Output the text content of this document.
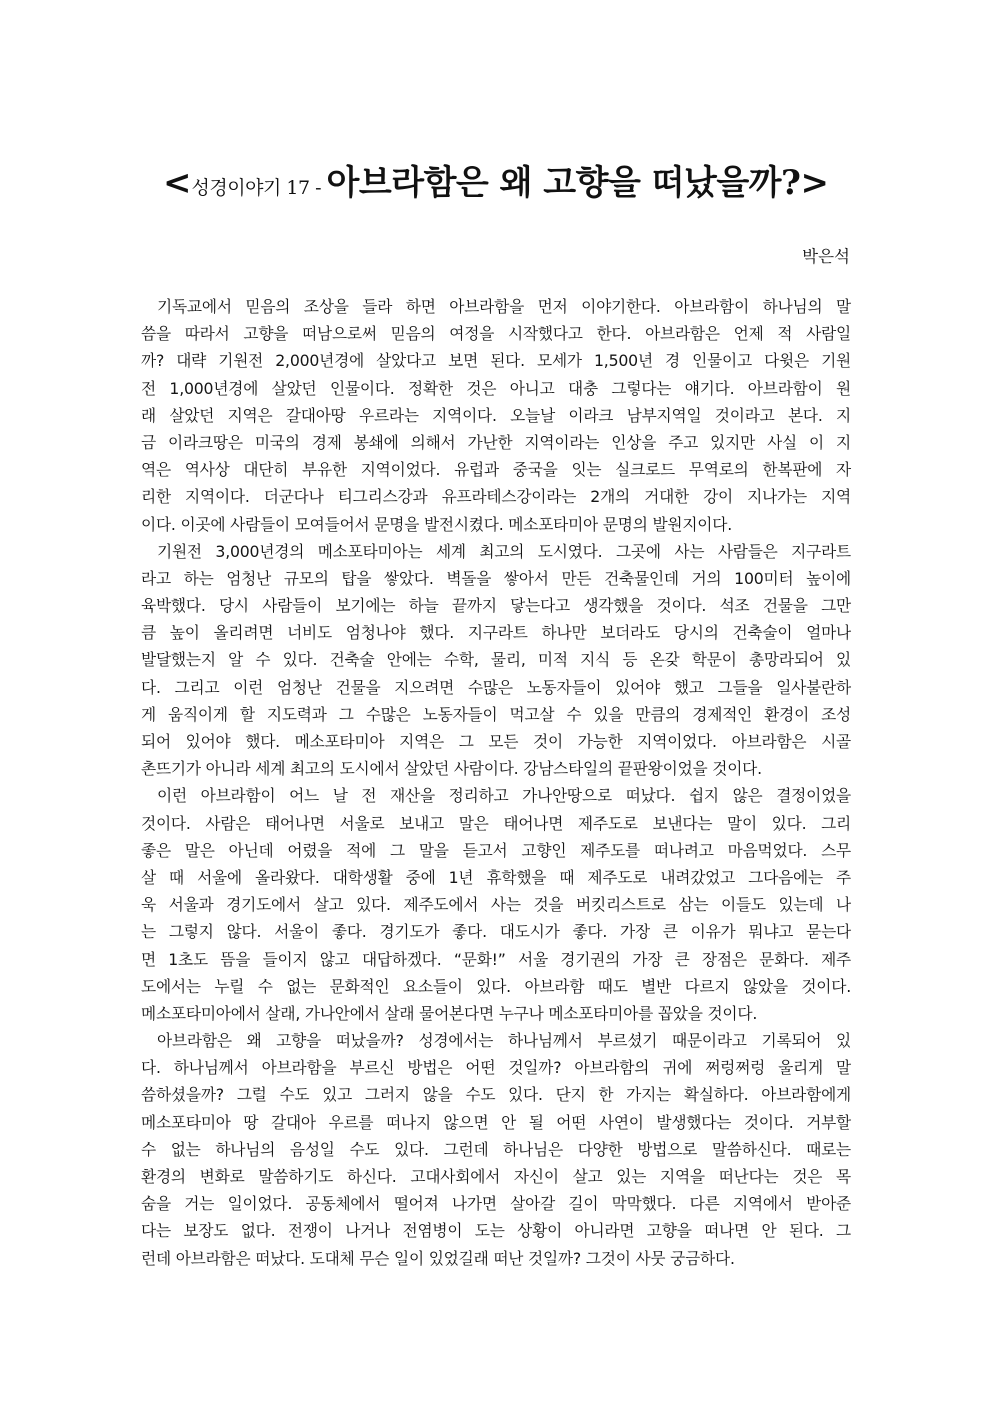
<성경이야기 17 - 아브라함은 왜 고향을 떠났을까?>
박은석
기독교에서 믿음의 조상을 들라 하면 아브라함을 먼저 이야기한다. 아브라함이 하나님의 말
씀을 따라서 고향을 떠남으로써 믿음의 여정을 시작했다고 한다. 아브라함은 언제 적 사람일
까? 대략 기원전 2,000년경에 살았다고 보면 된다. 모세가 1,500년 경 인물이고 다윗은 기원
전 1,000년경에 살았던 인물이다. 정확한 것은 아니고 대충 그렇다는 얘기다. 아브라함이 원
래 살았던 지역은 갈대아땅 우르라는 지역이다. 오늘날 이라크 남부지역일 것이라고 본다. 지
금 이라크땅은 미국의 경제 봉쇄에 의해서 가난한 지역이라는 인상을 주고 있지만 사실 이 지
역은 역사상 대단히 부유한 지역이었다. 유럽과 중국을 잇는 실크로드 무역로의 한복판에 자
리한 지역이다. 더군다나 티그리스강과 유프라테스강이라는 2개의 거대한 강이 지나가는 지역
이다. 이곳에 사람들이 모여들어서 문명을 발전시켰다. 메소포타미아 문명의 발원지이다.
기원전 3,000년경의 메소포타미아는 세계 최고의 도시였다. 그곳에 사는 사람들은 지구라트
라고 하는 엄청난 규모의 탑을 쌓았다. 벽돌을 쌓아서 만든 건축물인데 거의 100미터 높이에
육박했다. 당시 사람들이 보기에는 하늘 끝까지 닿는다고 생각했을 것이다. 석조 건물을 그만
큼 높이 올리려면 너비도 엄청나야 했다. 지구라트 하나만 보더라도 당시의 건축술이 얼마나
발달했는지 알 수 있다. 건축술 안에는 수학, 물리, 미적 지식 등 온갖 학문이 총망라되어 있
다. 그리고 이런 엄청난 건물을 지으려면 수많은 노동자들이 있어야 했고 그들을 일사불란하
게 움직이게 할 지도력과 그 수많은 노동자들이 먹고살 수 있을 만큼의 경제적인 환경이 조성
되어 있어야 했다. 메소포타미아 지역은 그 모든 것이 가능한 지역이었다. 아브라함은 시골
촌뜨기가 아니라 세계 최고의 도시에서 살았던 사람이다. 강남스타일의 끝판왕이었을 것이다.
이런 아브라함이 어느 날 전 재산을 정리하고 가나안땅으로 떠났다. 쉽지 않은 결정이었을
것이다. 사람은 태어나면 서울로 보내고 말은 태어나면 제주도로 보낸다는 말이 있다. 그리
좋은 말은 아닌데 어렸을 적에 그 말을 듣고서 고향인 제주도를 떠나려고 마음먹었다. 스무
살 때 서울에 올라왔다. 대학생활 중에 1년 휴학했을 때 제주도로 내려갔었고 그다음에는 주
욱 서울과 경기도에서 살고 있다. 제주도에서 사는 것을 버킷리스트로 삼는 이들도 있는데 나
는 그렇지 않다. 서울이 좋다. 경기도가 좋다. 대도시가 좋다. 가장 큰 이유가 뭐냐고 묻는다
면 1초도 뜸을 들이지 않고 대답하겠다. “문화!” 서울 경기권의 가장 큰 장점은 문화다. 제주
도에서는 누릴 수 없는 문화적인 요소들이 있다. 아브라함 때도 별반 다르지 않았을 것이다.
메소포타미아에서 살래, 가나안에서 살래 물어본다면 누구나 메소포타미아를 꼽았을 것이다.
아브라함은 왜 고향을 떠났을까? 성경에서는 하나님께서 부르셨기 때문이라고 기록되어 있
다. 하나님께서 아브라함을 부르신 방법은 어떤 것일까? 아브라함의 귀에 쩌렁쩌렁 울리게 말
씀하셨을까? 그럴 수도 있고 그러지 않을 수도 있다. 단지 한 가지는 확실하다. 아브라함에게
메소포타미아 땅 갈대아 우르를 떠나지 않으면 안 될 어떤 사연이 발생했다는 것이다. 거부할
수 없는 하나님의 음성일 수도 있다. 그런데 하나님은 다양한 방법으로 말씀하신다. 때로는
환경의 변화로 말씀하기도 하신다. 고대사회에서 자신이 살고 있는 지역을 떠난다는 것은 목
숨을 거는 일이었다. 공동체에서 떨어져 나가면 살아갈 길이 막막했다. 다른 지역에서 받아준
다는 보장도 없다. 전쟁이 나거나 전염병이 도는 상황이 아니라면 고향을 떠나면 안 된다. 그
런데 아브라함은 떠났다. 도대체 무슨 일이 있었길래 떠난 것일까? 그것이 사뭇 궁금하다.
